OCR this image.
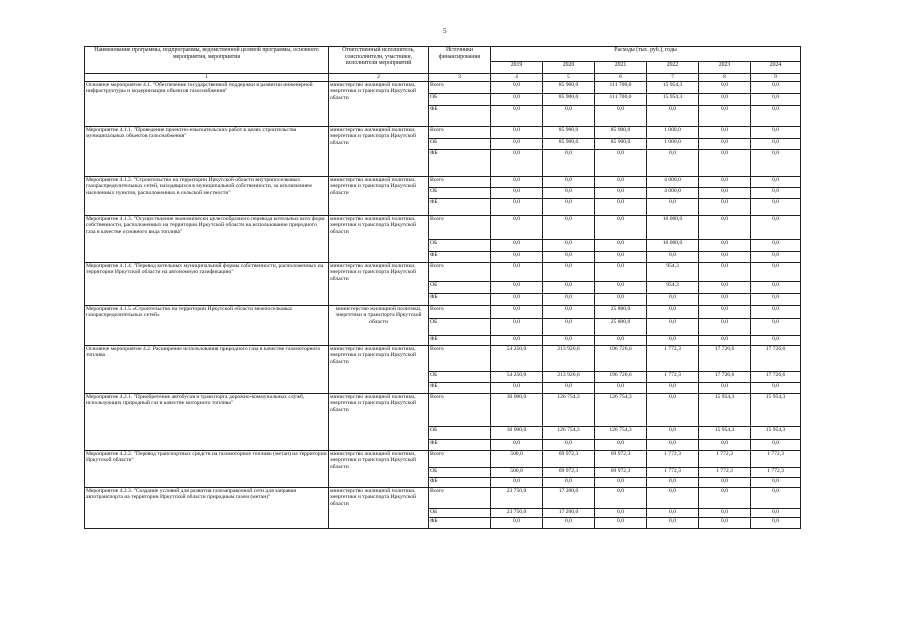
5
Наименование программы, подпрограммы, ведомственной целевой программы, основного мероприятия, мероприятия	Ответственный исполнитель, соисполнители, участники, исполнители мероприятий	Источники финансирования	Расходы (тыс. руб.), годы					
			2019	2020	2021	2022	2023	2024
1	2	3	4	5	6	7	8	9
Основное мероприятие 4.1. "Обеспечение государственной поддержки в развитии инженерной инфраструктуры и модернизации объектов газоснабжения"	министерство жилищной политики, энергетики и транспорта Иркутской области	Всего	0,0	85 900,0	111 700,0	15 954,3	0,0	0,0
		ОБ	0,0	85 900,0	111 700,0	15 954,3	0,0	0,0
		ФБ	0,0	0,0	0,0	0,0	0,0	0,0
Мероприятие 4.1.1. "Проведение проектно-изыскательских работ в целях строительства муниципальных объектов газоснабжения"	министерство жилищной политики, энергетики и транспорта Иркутской области	Всего	0,0	85 900,0	85 900,0	1 000,0	0,0	0,0
		ОБ	0,0	85 900,0	85 900,0	1 000,0	0,0	0,0
		ФБ	0,0	0,0	0,0	0,0	0,0	0,0
Мероприятие 4.1.2. "Строительство на территории Иркутской области внутрипоселковых газораспределительных сетей, находящихся в муниципальной собственности, за исключением населенных пунктов, расположенных в сельской местности"	министерство жилищной политики, энергетики и транспорта Иркутской области	Всего	0,0	0,0	0,0	4 000,0	0,0	0,0
		ОБ	0,0	0,0	0,0	4 000,0	0,0	0,0
		ФБ	0,0	0,0	0,0	0,0	0,0	0,0
Мероприятие 4.1.3. "Осуществление экономически целесообразного перевода котельных всех форм собственности, расположенных на территории Иркутской области на использование природного газа в качестве основного вида топлива"	министерство жилищной политики, энергетики и транспорта Иркутской области	Всего	0,0	0,0	0,0	10 000,0	0,0	0,0
		ОБ	0,0	0,0	0,0	10 000,0	0,0	0,0
		ФБ	0,0	0,0	0,0	0,0	0,0	0,0
Мероприятие 4.1.4. "Перевод котельных муниципальной формы собственности, расположенных на территории Иркутской области на автономную газификацию"	министерство жилищной политики, энергетики и транспорта Иркутской области	Всего	0,0	0,0	0,0	954,3	0,0	0,0
		ОБ	0,0	0,0	0,0	954,3	0,0	0,0
		ФБ	0,0	0,0	0,0	0,0	0,0	0,0
Мероприятие 4.1.5 «Строительство на территории Иркутской области межпоселковых газораспределительных сетей»	министерство жилищной политики, энергетики и транспорта Иркутской области	Всего	0,0	0,0	25 800,0	0,0	0,0	0,0
		ОБ	0,0	0,0	25 800,0	0,0	0,0	0,0
		ФБ	0,0	0,0	0,0	0,0	0,0	0,0
Основное мероприятие 4.2. Расширение использования природного газа в качестве газомоторного топлива	министерство жилищной политики, энергетики и транспорта Иркутской области	Всего	54 250,0	213 926,6	196 726,6	1 772,3	17 726,6	17 726,6
		ОБ	54 250,0	213 926,6	196 726,6	1 772,3	17 726,6	17 726,6
		ФБ	0,0	0,0	0,0	0,0	0,0	0,0
Мероприятие 4.2.1. "Приобретение автобусов и транспорта дорожно-коммунальных служб, использующих природный газ в качестве моторного топлива"	министерство жилищной политики, энергетики и транспорта Иркутской области	Всего	30 000,0	126 754,3	126 754,3	0,0	15 954,3	15 954,3
		ОБ	30 000,0	126 754,3	126 754,3	0,0	15 954,3	15 954,3
		ФБ	0,0	0,0	0,0	0,0	0,0	0,0
Мероприятие 4.2.2. "Перевод транспортных средств на газомоторное топливо (метан) на территории Иркутской области"	министерство жилищной политики, энергетики и транспорта Иркутской области	Всего	500,0	69 972,3	69 972,3	1 772,3	1 772,3	1 772,3
		ОБ	500,0	69 972,3	69 972,3	1 772,3	1 772,3	1 772,3
		ФБ	0,0	0,0	0,0	0,0	0,0	0,0
Мероприятие 4.2.3. "Создание условий для развития газозаправочной сети для заправки автотранспорта на территории Иркутской области природным газом (метан)"	министерство жилищной политики, энергетики и транспорта Иркутской области	Всего	23 750,0	17 200,0	0,0	0,0	0,0	0,0
		ОБ	23 750,0	17 200,0	0,0	0,0	0,0	0,0
		ФБ	0,0	0,0	0,0	0,0	0,0	0,0
